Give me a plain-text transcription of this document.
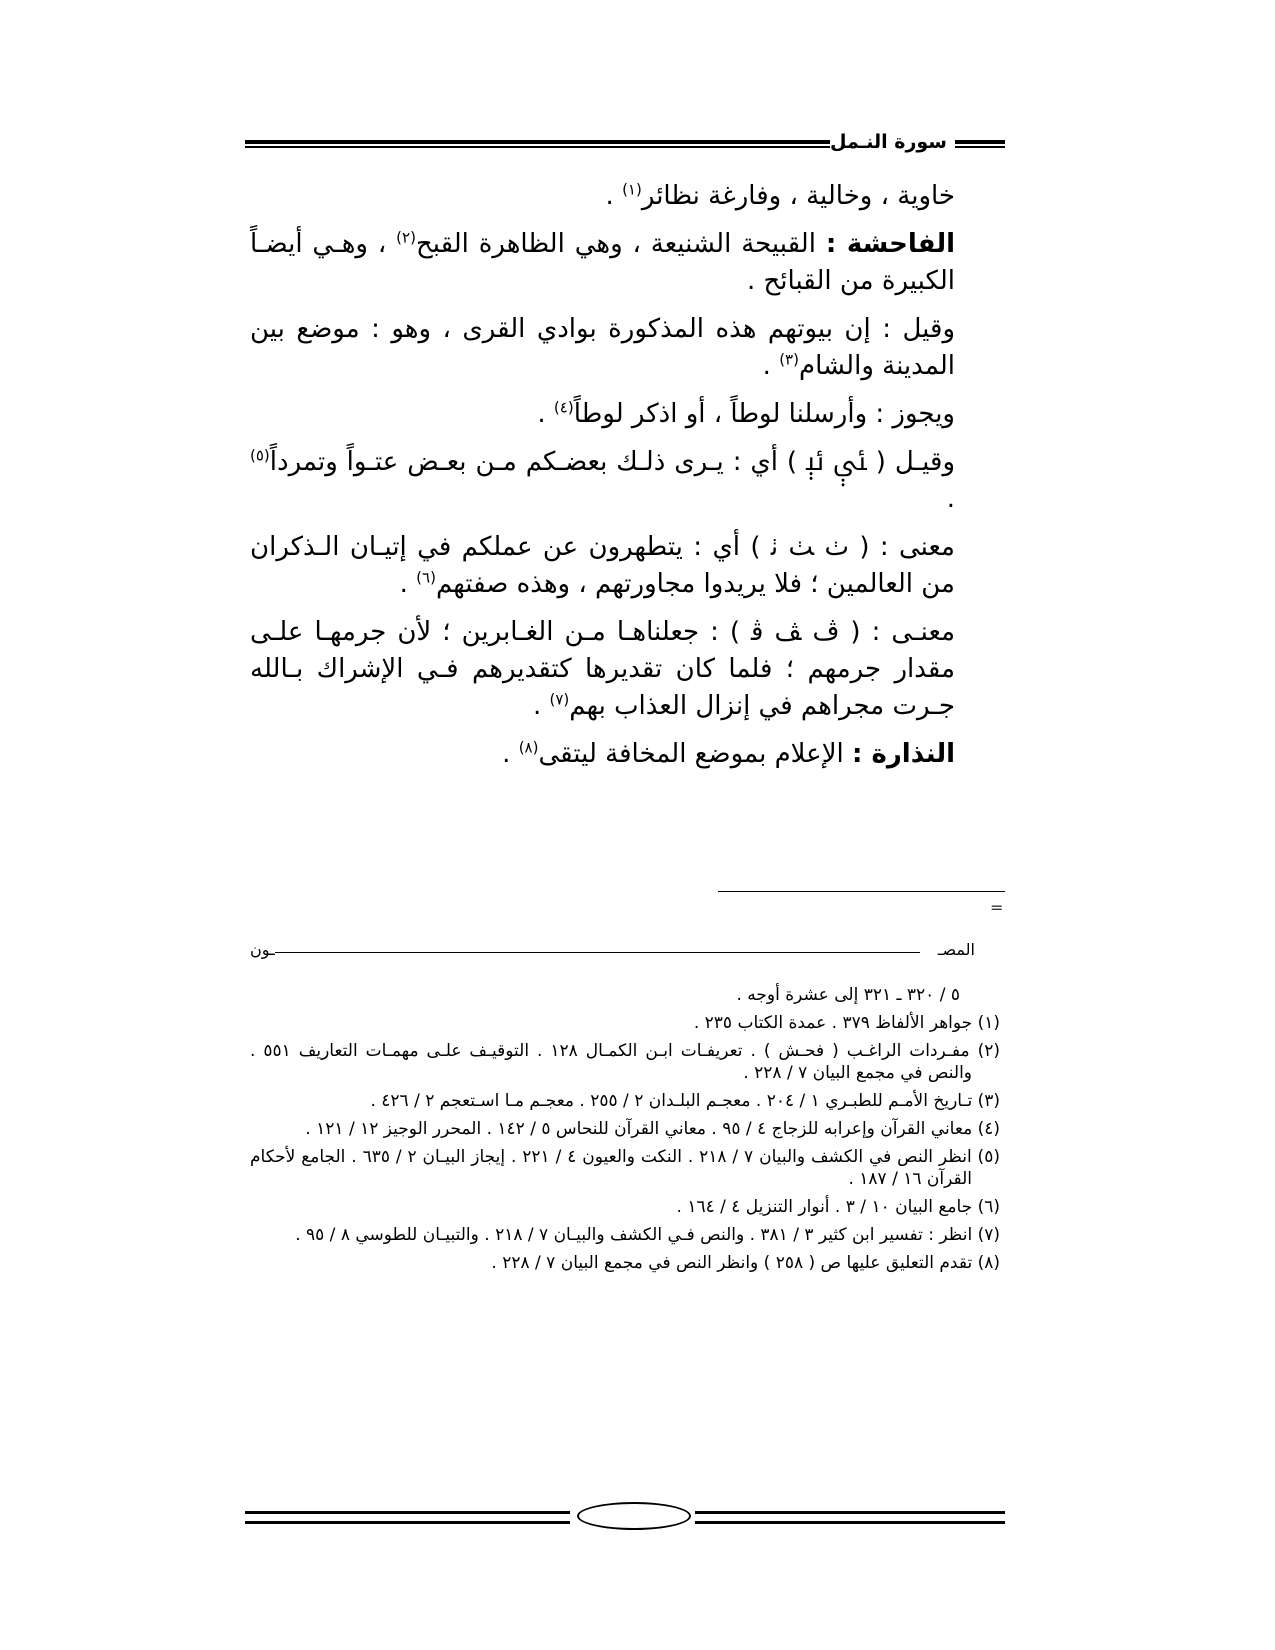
سورة النـمل

خاوية ، وخالية ، وفارغة نظائر$^{(١)}$ .

الفاحشة : القبيحة الشنيعة ، وهي الظاهرة القبح$^{(٢)}$ ، وهـي أيضـاً الكبيرة من القبائح .

وقيل : إن بيوتهم هذه المذكورة بوادي القرى ، وهو : موضع بين المدينة والشام$^{(٣)}$ .

ويجوز : وأرسلنا لوطاً ، أو اذكر لوطاً$^{(٤)}$ .

وقيـل ( ﯷ ﯸ ) أي : يـرى ذلـك بعضـكم مـن بعـض عتـواً وتمرداً$^{(٥)}$ .

معنى : ( ﭞ ﭟ ﭠ ) أي : يتطهرون عن عملكم في إتيـان الـذكران من العالمين ؛ فلا يريدوا مجاورتهم ، وهذه صفتهم$^{(٦)}$ .

معنـى : ( ﭪ ﭫ ﭬ ) : جعلناهـا مـن الغـابرين ؛ لأن جرمهـا علـى مقدار جرمهم ؛ فلما كان تقديرها كتقديرهم فـي الإشراك بـالله جـرت مجراهم في إنزال العذاب بهم$^{(٧)}$ .

النذارة : الإعلام بموضع المخافة ليتقى$^{(٨)}$ .

=
المصـ
ـون

٥ / ٣٢٠ ـ ٣٢١ إلى عشرة أوجه .

(١) جواهر الألفاظ ٣٧٩ . عمدة الكتاب ٢٣٥ .

(٢) مفـردات الراغـب ( فحـش ) . تعريفـات ابـن الكمـال ١٢٨ . التوقيـف علـى مهمـات التعاريف ٥٥١ . والنص في مجمع البيان ٧ / ٢٢٨ .

(٣) تـاريخ الأمـم للطبـري ١ / ٢٠٤ . معجـم البلـدان ٢ / ٢٥٥ . معجـم مـا اسـتعجم ٢ / ٤٢٦ .

(٤) معاني القرآن وإعرابه للزجاج ٤ / ٩٥ . معاني القرآن للنحاس ٥ / ١٤٢ . المحرر الوجيز ١٢ / ١٢١ .

(٥) انظر النص في الكشف والبيان ٧ / ٢١٨ . النكت والعيون ٤ / ٢٢١ . إيجاز البيـان ٢ / ٦٣٥ . الجامع لأحكام القرآن ١٦ / ١٨٧ .

(٦) جامع البيان ١٠ / ٣ . أنوار التنزيل ٤ / ١٦٤ .

(٧) انظر : تفسير ابن كثير ٣ / ٣٨١ . والنص فـي الكشف والبيـان ٧ / ٢١٨ . والتبيـان للطوسي ٨ / ٩٥ .

(٨) تقدم التعليق عليها ص ( ٢٥٨ ) وانظر النص في مجمع البيان ٧ / ٢٢٨ .
